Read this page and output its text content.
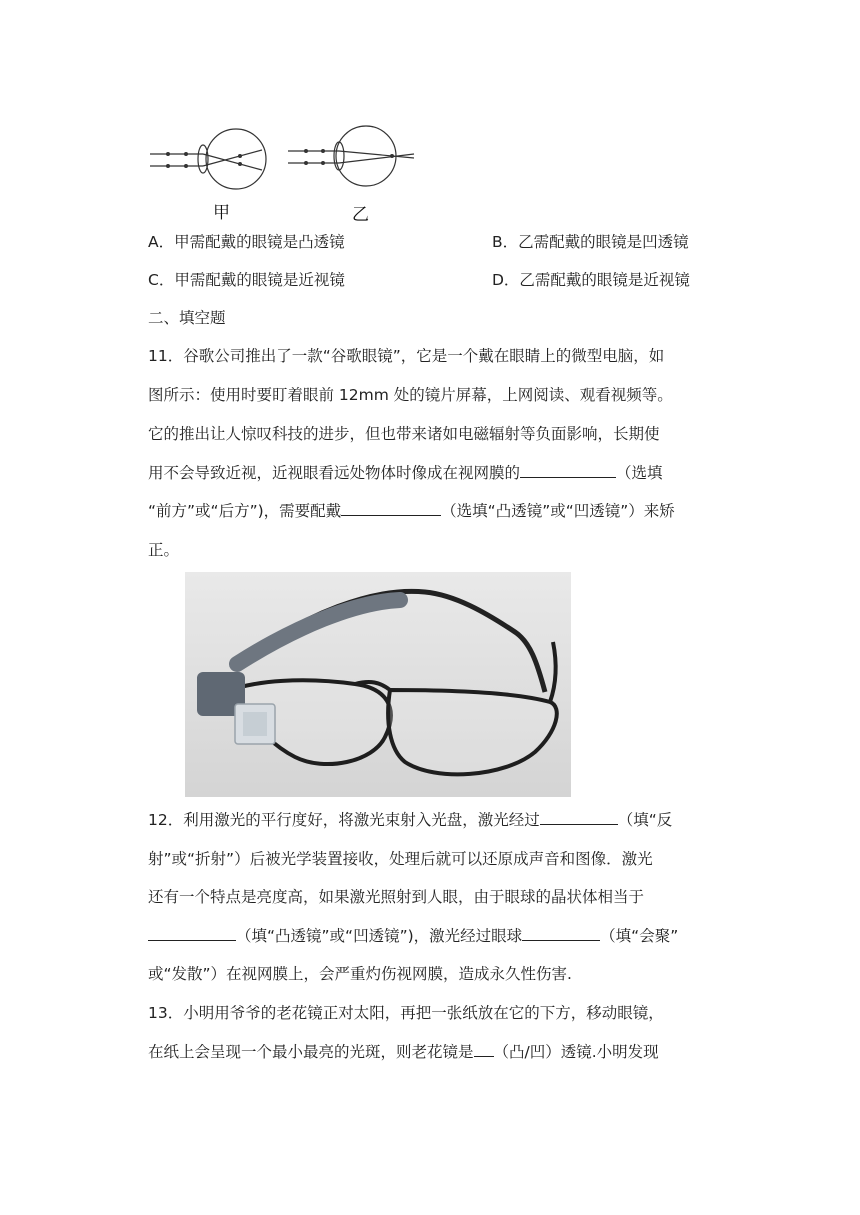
甲	乙
A．甲需配戴的眼镜是凸透镜	B．乙需配戴的眼镜是凹透镜
C．甲需配戴的眼镜是近视镜	D．乙需配戴的眼镜是近视镜
二、填空题
11．谷歌公司推出了一款“谷歌眼镜”，它是一个戴在眼睛上的微型电脑，如
图所示：使用时要盯着眼前 12mm 处的镜片屏幕，上网阅读、观看视频等。
它的推出让人惊叹科技的进步，但也带来诸如电磁辐射等负面影响，长期使
用不会导致近视，近视眼看远处物体时像成在视网膜的	（选填
“前方”或“后方”)，需要配戴	（选填“凸透镜”或“凹透镜”）来矫
正。
12．利用激光的平行度好，将激光束射入光盘，激光经过	（填“反
射”或“折射”）后被光学装置接收，处理后就可以还原成声音和图像．激光
还有一个特点是亮度高，如果激光照射到人眼，由于眼球的晶状体相当于
（填“凸透镜”或“凹透镜”)，激光经过眼球	（填“会聚”
或“发散”）在视网膜上，会严重灼伤视网膜，造成永久性伤害.
13．小明用爷爷的老花镜正对太阳，再把一张纸放在它的下方，移动眼镜，
在纸上会呈现一个最小最亮的光斑，则老花镜是 （凸/凹）透镜.小明发现
